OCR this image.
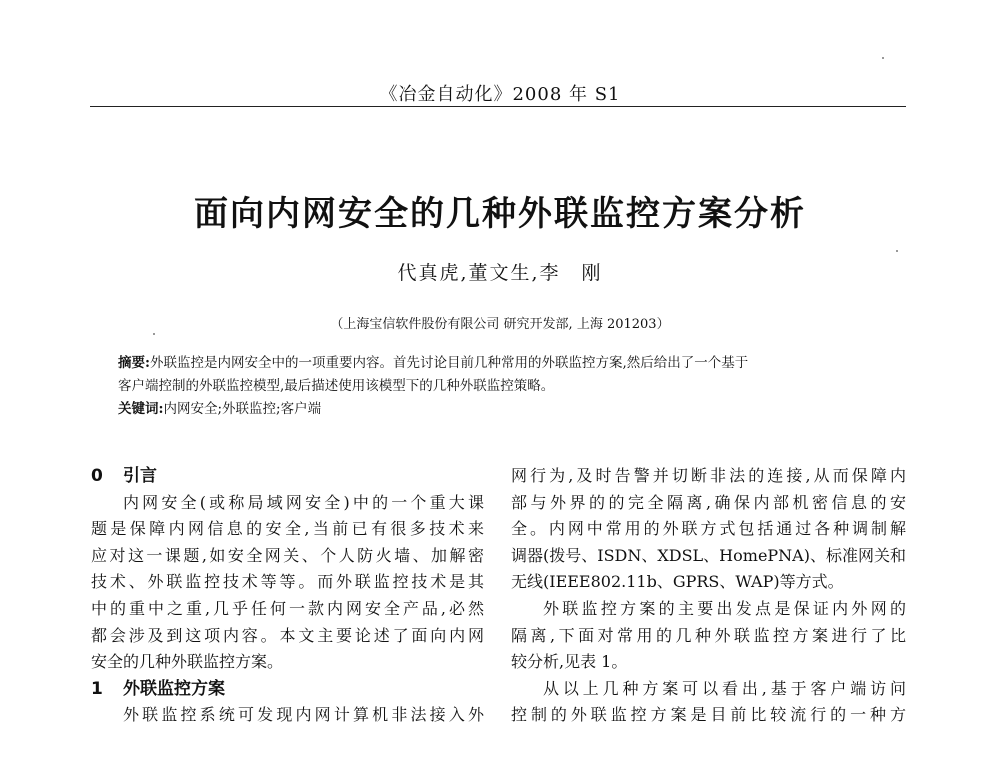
《冶金自动化》2008 年 S1
面向内网安全的几种外联监控方案分析
代真虎,董文生,李　刚
（上海宝信软件股份有限公司 研究开发部, 上海 201203）
摘要:外联监控是内网安全中的一项重要内容。首先讨论目前几种常用的外联监控方案,然后给出了一个基于
客户端控制的外联监控模型,最后描述使用该模型下的几种外联监控策略。
关键词:内网安全;外联监控;客户端
0 引言
内网安全(或称局域网安全)中的一个重大课
题是保障内网信息的安全,当前已有很多技术来
应对这一课题,如安全网关、个人防火墙、加解密
技术、外联监控技术等等。而外联监控技术是其
中的重中之重,几乎任何一款内网安全产品,必然
都会涉及到这项内容。本文主要论述了面向内网
安全的几种外联监控方案。
1 外联监控方案
外联监控系统可发现内网计算机非法接入外
网行为,及时告警并切断非法的连接,从而保障内
部与外界的的完全隔离,确保内部机密信息的安
全。内网中常用的外联方式包括通过各种调制解
调器(拨号、ISDN、XDSL、HomePNA)、标准网关和
无线(IEEE802.11b、GPRS、WAP)等方式。
外联监控方案的主要出发点是保证内外网的
隔离,下面对常用的几种外联监控方案进行了比
较分析,见表 1。
从以上几种方案可以看出,基于客户端访问
控制的外联监控方案是目前比较流行的一种方
